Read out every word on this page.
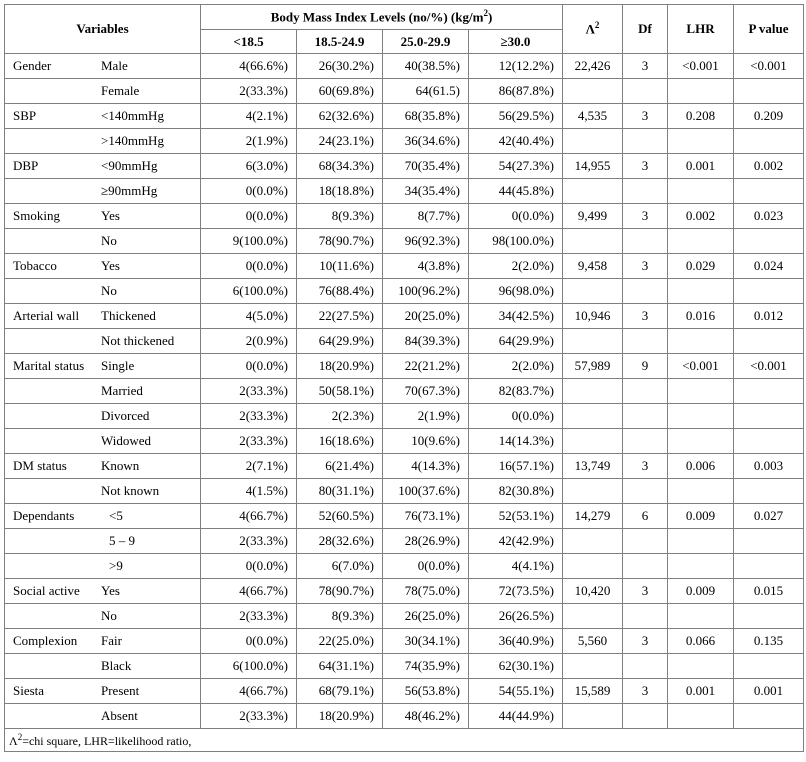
Variables	Body Mass Index Levels (no/%) $(kg/m^2)$				$\Lambda^2$	Df	LHR	P value
	<18.5	18.5-24.9	25.0-29.9	≥30.0				

Gender Male	4(66.6%)	26(30.2%)	40(38.5%)	12(12.2%)	22,426	3	<0.001	<0.001

Female	2(33.3%)	60(69.8%)	64(61.5)	86(87.8%)				

SBP <140mmHg	4(2.1%)	62(32.6%)	68(35.8%)	56(29.5%)	4,535	3	0.208	0.209

>140mmHg	2(1.9%)	24(23.1%)	36(34.6%)	42(40.4%)				

DBP <90mmHg	6(3.0%)	68(34.3%)	70(35.4%)	54(27.3%)	14,955	3	0.001	0.002

≥90mmHg	0(0.0%)	18(18.8%)	34(35.4%)	44(45.8%)				

Smoking Yes	0(0.0%)	8(9.3%)	8(7.7%)	0(0.0%)	9,499	3	0.002	0.023

No	9(100.0%)	78(90.7%)	96(92.3%)	98(100.0%)				

Tobacco Yes	0(0.0%)	10(11.6%)	4(3.8%)	2(2.0%)	9,458	3	0.029	0.024

No	6(100.0%)	76(88.4%)	100(96.2%)	96(98.0%)				

Arterial wall Thickened	4(5.0%)	22(27.5%)	20(25.0%)	34(42.5%)	10,946	3	0.016	0.012

Not thickened	2(0.9%)	64(29.9%)	84(39.3%)	64(29.9%)				

Marital status Single	0(0.0%)	18(20.9%)	22(21.2%)	2(2.0%)	57,989	9	<0.001	<0.001

Married	2(33.3%)	50(58.1%)	70(67.3%)	82(83.7%)				

Divorced	2(33.3%)	2(2.3%)	2(1.9%)	0(0.0%)				

Widowed	2(33.3%)	16(18.6%)	10(9.6%)	14(14.3%)				

DM status Known	2(7.1%)	6(21.4%)	4(14.3%)	16(57.1%)	13,749	3	0.006	0.003

Not known	4(1.5%)	80(31.1%)	100(37.6%)	82(30.8%)				

Dependants <5	4(66.7%)	52(60.5%)	76(73.1%)	52(53.1%)	14,279	6	0.009	0.027

5 – 9	2(33.3%)	28(32.6%)	28(26.9%)	42(42.9%)				

>9	0(0.0%)	6(7.0%)	0(0.0%)	4(4.1%)				

Social active Yes	4(66.7%)	78(90.7%)	78(75.0%)	72(73.5%)	10,420	3	0.009	0.015

No	2(33.3%)	8(9.3%)	26(25.0%)	26(26.5%)				

Complexion Fair	0(0.0%)	22(25.0%)	30(34.1%)	36(40.9%)	5,560	3	0.066	0.135

Black	6(100.0%)	64(31.1%)	74(35.9%)	62(30.1%)				

Siesta Present	4(66.7%)	68(79.1%)	56(53.8%)	54(55.1%)	15,589	3	0.001	0.001

Absent	2(33.3%)	18(20.9%)	48(46.2%)	44(44.9%)				
$\Lambda^2=chi$ square, LHR=likelihood ratio,								
